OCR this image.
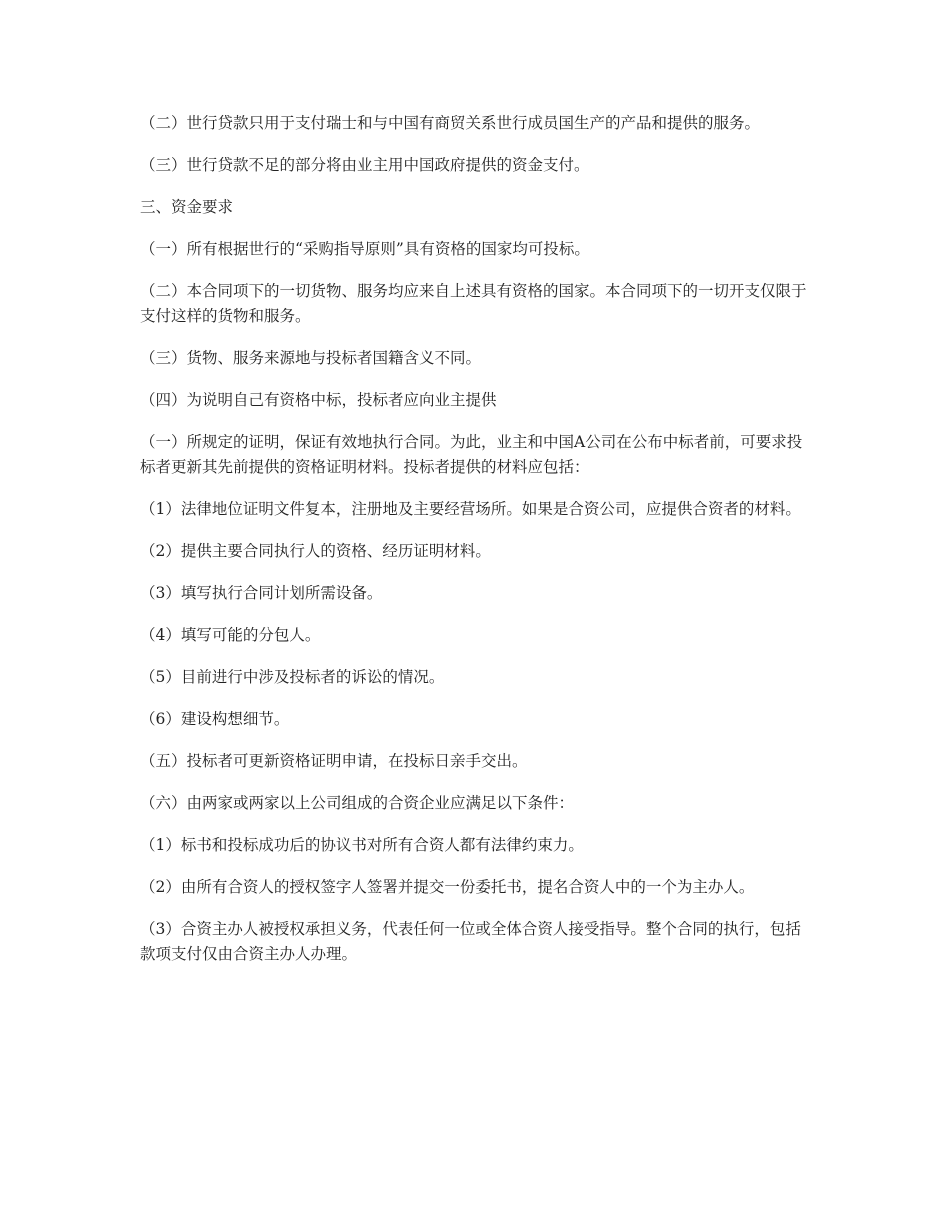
（二）世行贷款只用于支付瑞士和与中国有商贸关系世行成员国生产的产品和提供的服务。

（三）世行贷款不足的部分将由业主用中国政府提供的资金支付。

三、资金要求

（一）所有根据世行的“采购指导原则”具有资格的国家均可投标。

（二）本合同项下的一切货物、服务均应来自上述具有资格的国家。本合同项下的一切开支仅限于支付这样的货物和服务。

（三）货物、服务来源地与投标者国籍含义不同。

（四）为说明自己有资格中标，投标者应向业主提供

（一）所规定的证明，保证有效地执行合同。为此，业主和中国A公司在公布中标者前，可要求投标者更新其先前提供的资格证明材料。投标者提供的材料应包括：

（1）法律地位证明文件复本，注册地及主要经营场所。如果是合资公司，应提供合资者的材料。

（2）提供主要合同执行人的资格、经历证明材料。

（3）填写执行合同计划所需设备。

（4）填写可能的分包人。

（5）目前进行中涉及投标者的诉讼的情况。

（6）建设构想细节。

（五）投标者可更新资格证明申请，在投标日亲手交出。

（六）由两家或两家以上公司组成的合资企业应满足以下条件：

（1）标书和投标成功后的协议书对所有合资人都有法律约束力。

（2）由所有合资人的授权签字人签署并提交一份委托书，提名合资人中的一个为主办人。

（3）合资主办人被授权承担义务，代表任何一位或全体合资人接受指导。整个合同的执行，包括款项支付仅由合资主办人办理。
